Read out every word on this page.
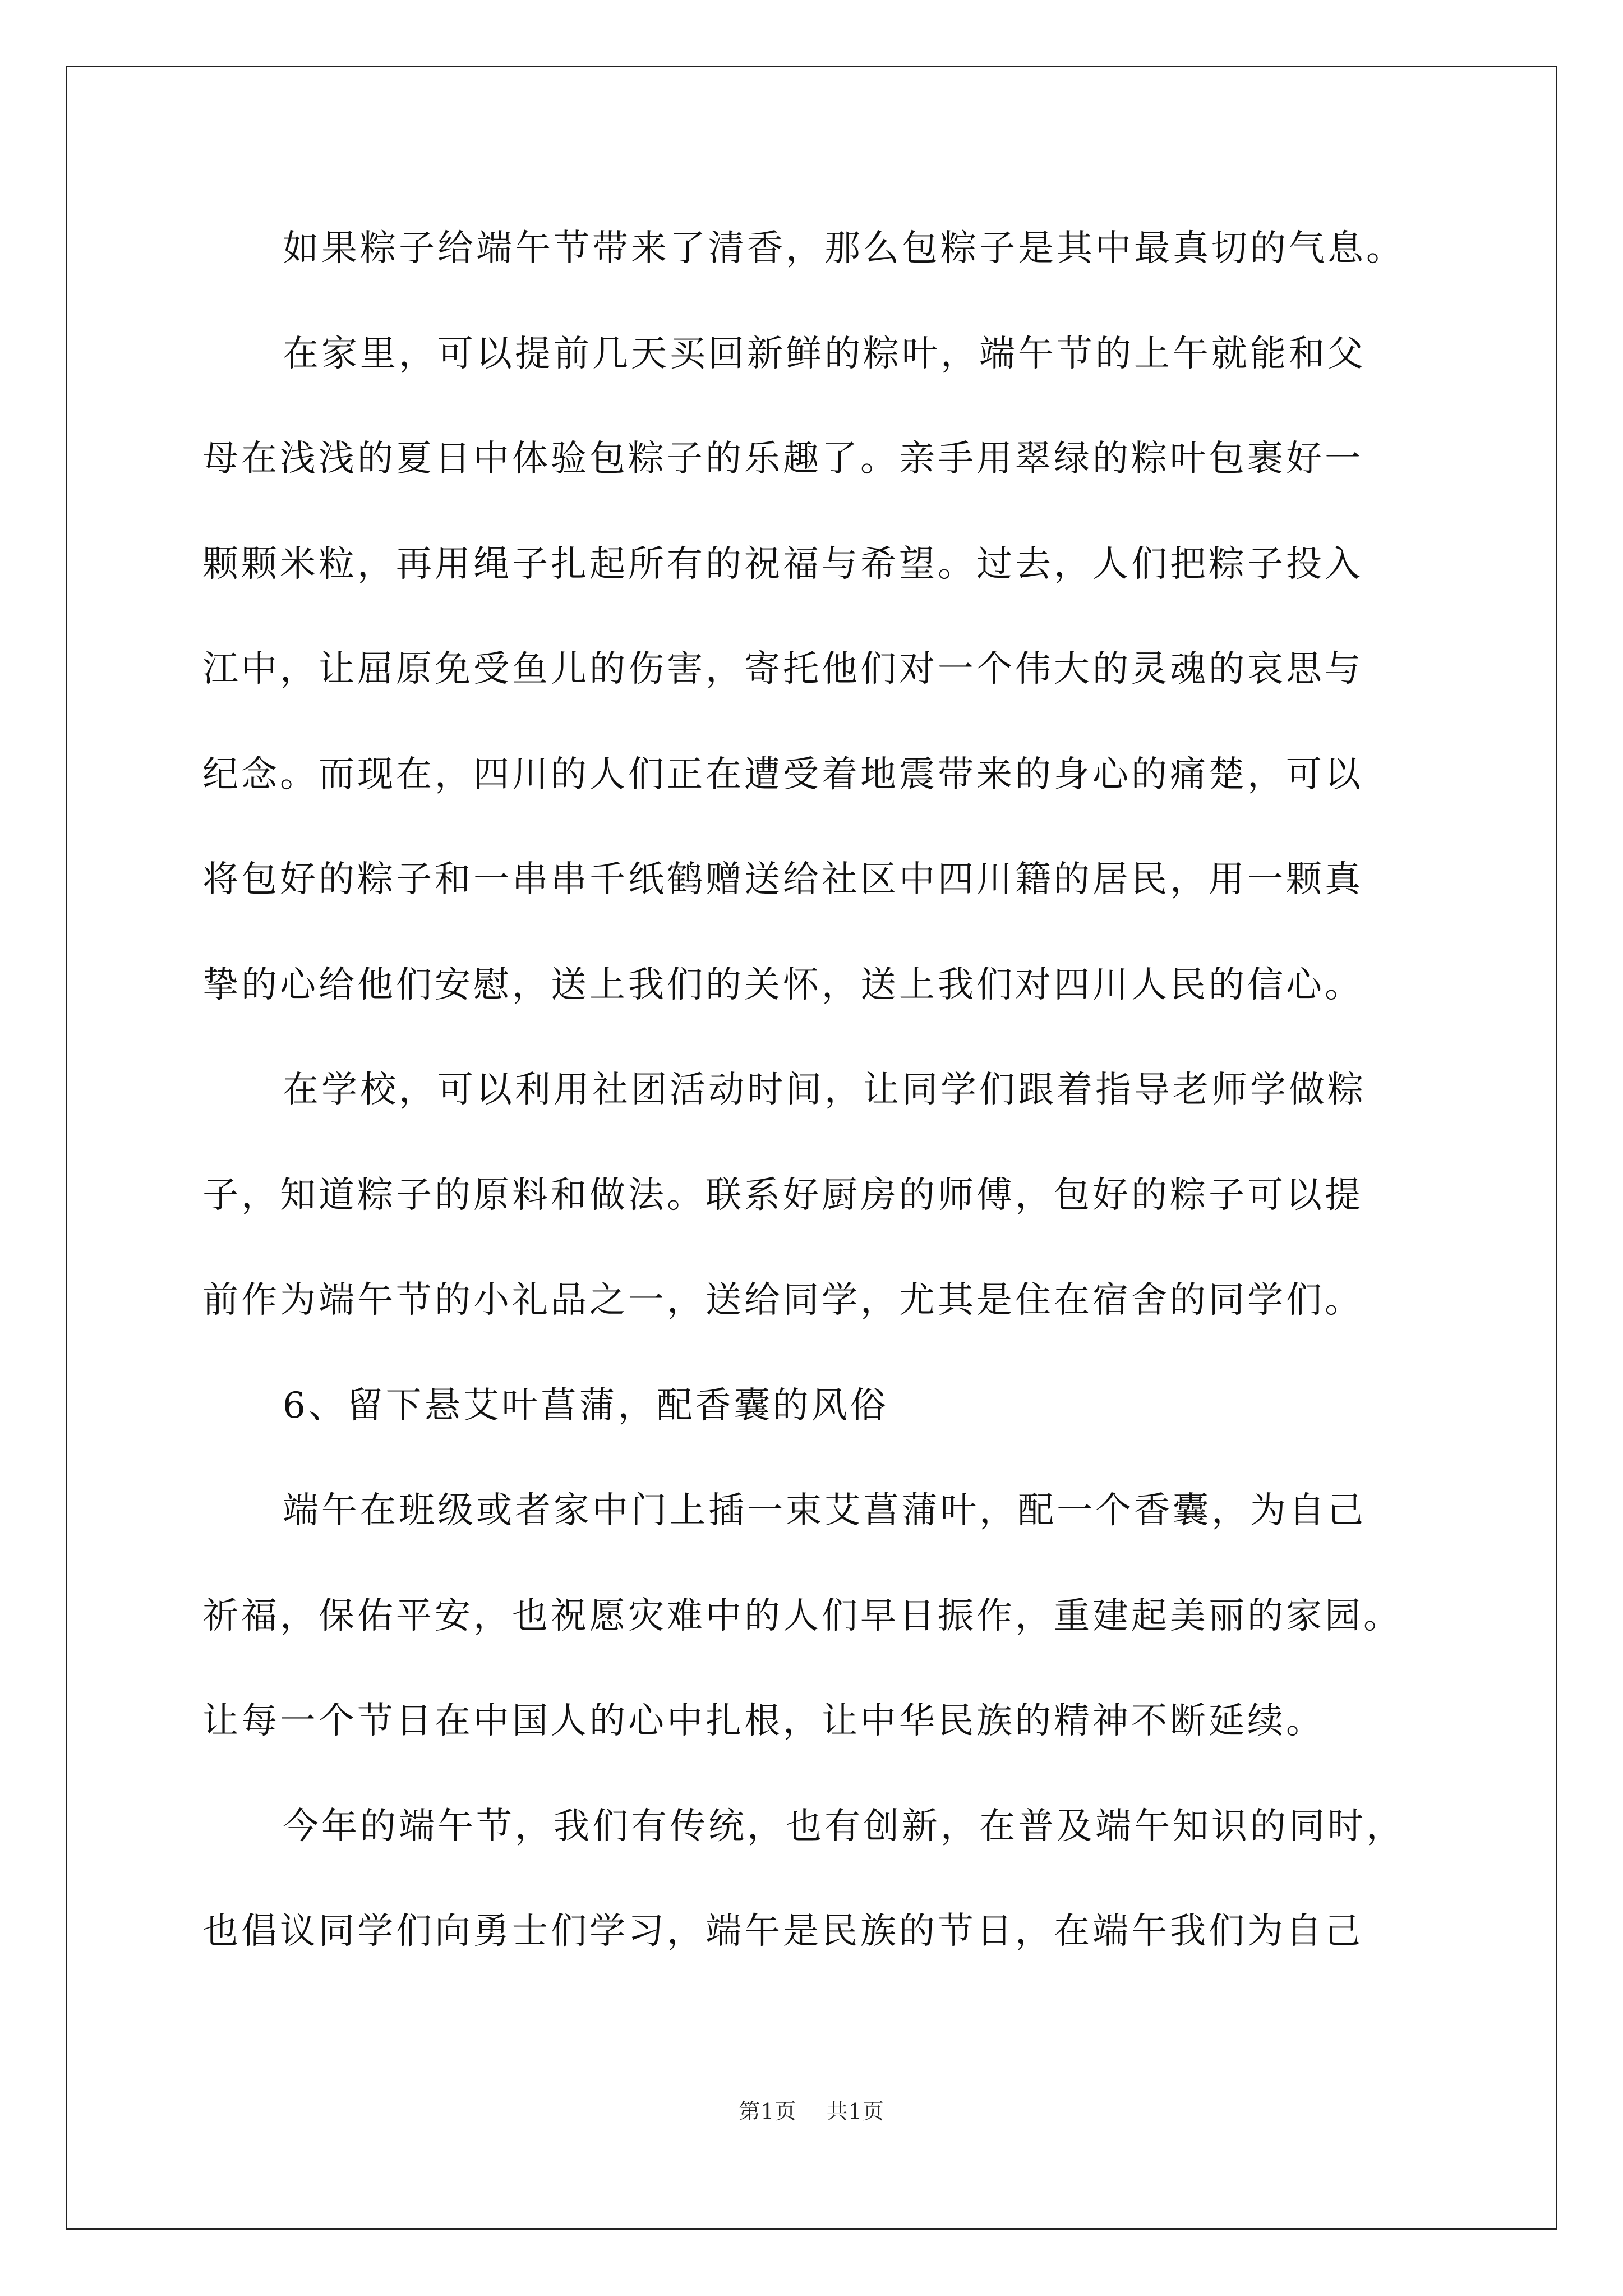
如果粽子给端午节带来了清香，那么包粽子是其中最真切的气息。
在家里，可以提前几天买回新鲜的粽叶，端午节的上午就能和父
母在浅浅的夏日中体验包粽子的乐趣了。亲手用翠绿的粽叶包裹好一
颗颗米粒，再用绳子扎起所有的祝福与希望。过去，人们把粽子投入
江中，让屈原免受鱼儿的伤害，寄托他们对一个伟大的灵魂的哀思与
纪念。而现在，四川的人们正在遭受着地震带来的身心的痛楚，可以
将包好的粽子和一串串千纸鹤赠送给社区中四川籍的居民，用一颗真
挚的心给他们安慰，送上我们的关怀，送上我们对四川人民的信心。
在学校，可以利用社团活动时间，让同学们跟着指导老师学做粽
子，知道粽子的原料和做法。联系好厨房的师傅，包好的粽子可以提
前作为端午节的小礼品之一，送给同学，尤其是住在宿舍的同学们。
6、留下悬艾叶菖蒲，配香囊的风俗
端午在班级或者家中门上插一束艾菖蒲叶，配一个香囊，为自己
祈福，保佑平安，也祝愿灾难中的人们早日振作，重建起美丽的家园。
让每一个节日在中国人的心中扎根，让中华民族的精神不断延续。
今年的端午节，我们有传统，也有创新，在普及端午知识的同时，
也倡议同学们向勇士们学习，端午是民族的节日，在端午我们为自己
第1页 共1页
